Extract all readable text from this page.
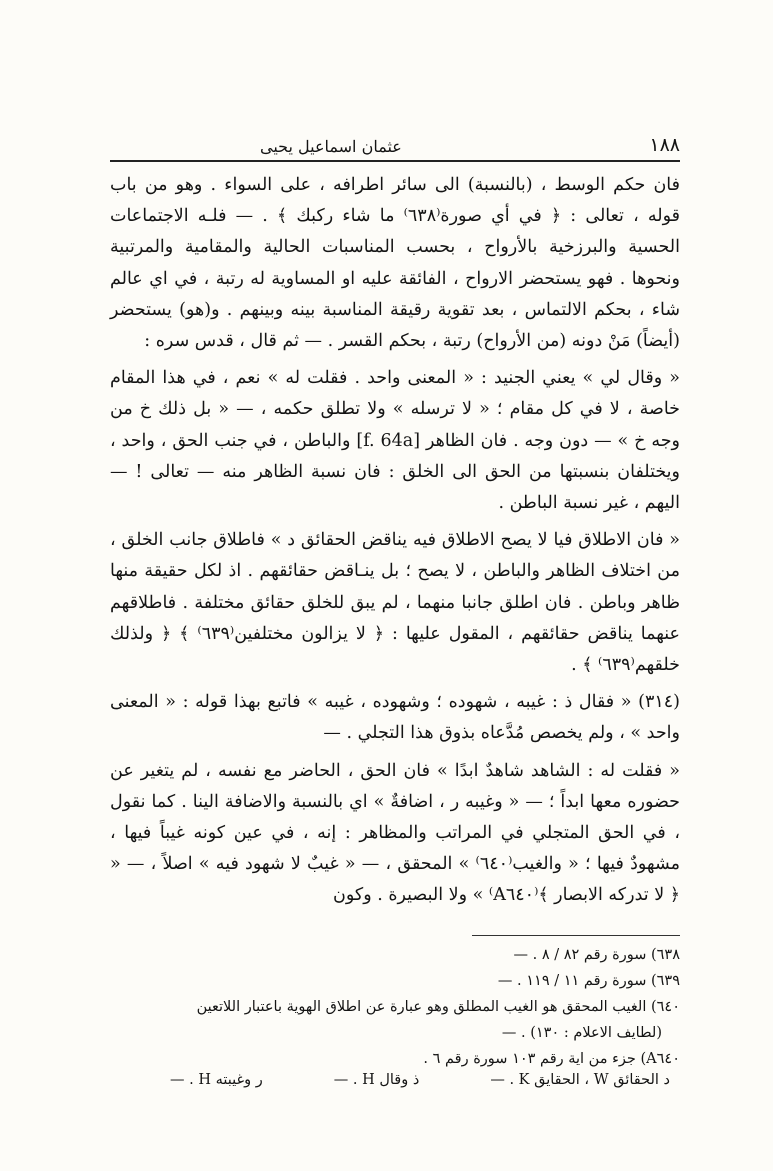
١٨٨
عثمان اسماعيل يحيى

فان حكم الوسط ، (بالنسبة) الى سائر اطرافه ، على السواء . وهو من باب قوله ، تعالى : ﴿ في أي صورة⁽٦٣٨⁾ ما شاء ركبك ﴾ . — فلـه الاجتماعات الحسية والبرزخية بالأرواح ، بحسب المناسبات الحالية والمقامية والمرتبية ونحوها . فهو يستحضر الارواح ، الفائقة عليه او المساوية له رتبة ، في اي عالم شاء ، بحكم الالتماس ، بعد تقوية رقيقة المناسبة بينه وبينهم . و(هو) يستحضر (أيضاً) مَنْ دونه (من الأرواح) رتبة ، بحكم القسر . — ثم قال ، قدس سره :

« وقال لي » يعني الجنيد : « المعنى واحد . فقلت له » نعم ، في هذا المقام خاصة ، لا في كل مقام ؛ « لا ترسله » ولا تطلق حكمه ، — « بل ذلك خ من وجه خ » — دون وجه . فان الظاهر [f. 64a] والباطن ، في جنب الحق ، واحد ، ويختلفان بنسبتها من الحق الى الخلق : فان نسبة الظاهر منه — تعالى ! — اليهم ، غير نسبة الباطن .

« فان الاطلاق فيا لا يصح الاطلاق فيه يناقض الحقائق د » فاطلاق جانب الخلق ، من اختلاف الظاهر والباطن ، لا يصح ؛ بل ينـاقض حقائقهم . اذ لكل حقيقة منها ظاهر وباطن . فان اطلق جانبا منهما ، لم يبق للخلق حقائق مختلفة . فاطلاقهم عنهما يناقض حقائقهم ، المقول عليها : ﴿ لا يزالون مختلفين⁽٦٣٩⁾ ﴾ ﴿ ولذلك خلقهم⁽٦٣٩⁾ ﴾ .

(٣١٤) « فقال ذ : غيبه ، شهوده ؛ وشهوده ، غيبه » فاتبع بهذا قوله : « المعنى واحد » ، ولم يخصص مُدَّعاه بذوق هذا التجلي . —

« فقلت له : الشاهد شاهدٌ ابدًا » فان الحق ، الحاضر مع نفسه ، لم يتغير عن حضوره معها ابداً ؛ — « وغيبه ر ، اضافةٌ » اي بالنسبة والاضافة الينا . كما نقول ، في الحق المتجلي في المراتب والمظاهر : إنه ، في عين كونه غيباً فيها ، مشهودٌ فيها ؛ « والغيب⁽٦٤٠⁾ » المحقق ، — « غيبٌ لا شهود فيه » اصلاً ، — « ﴿ لا تدركه الابصار ﴾⁽A٦٤٠⁾ » ولا البصيرة . وكون

٦٣٨) سورة رقم ٨٢ / ٨ . —

٦٣٩) سورة رقم ١١ / ١١٩ . —

٦٤٠) الغيب المحقق هو الغيب المطلق وهو عبارة عن اطلاق الهوية باعتبار اللاتعين

(لطايف الاعلام : ١٣٠) . —

A٦٤٠) جزء من اية رقم ١٠٣ سورة رقم ٦ .

د الحقائق W ، الحقايق K . —
ذ وقال H . —
ر وغيبته H . —
